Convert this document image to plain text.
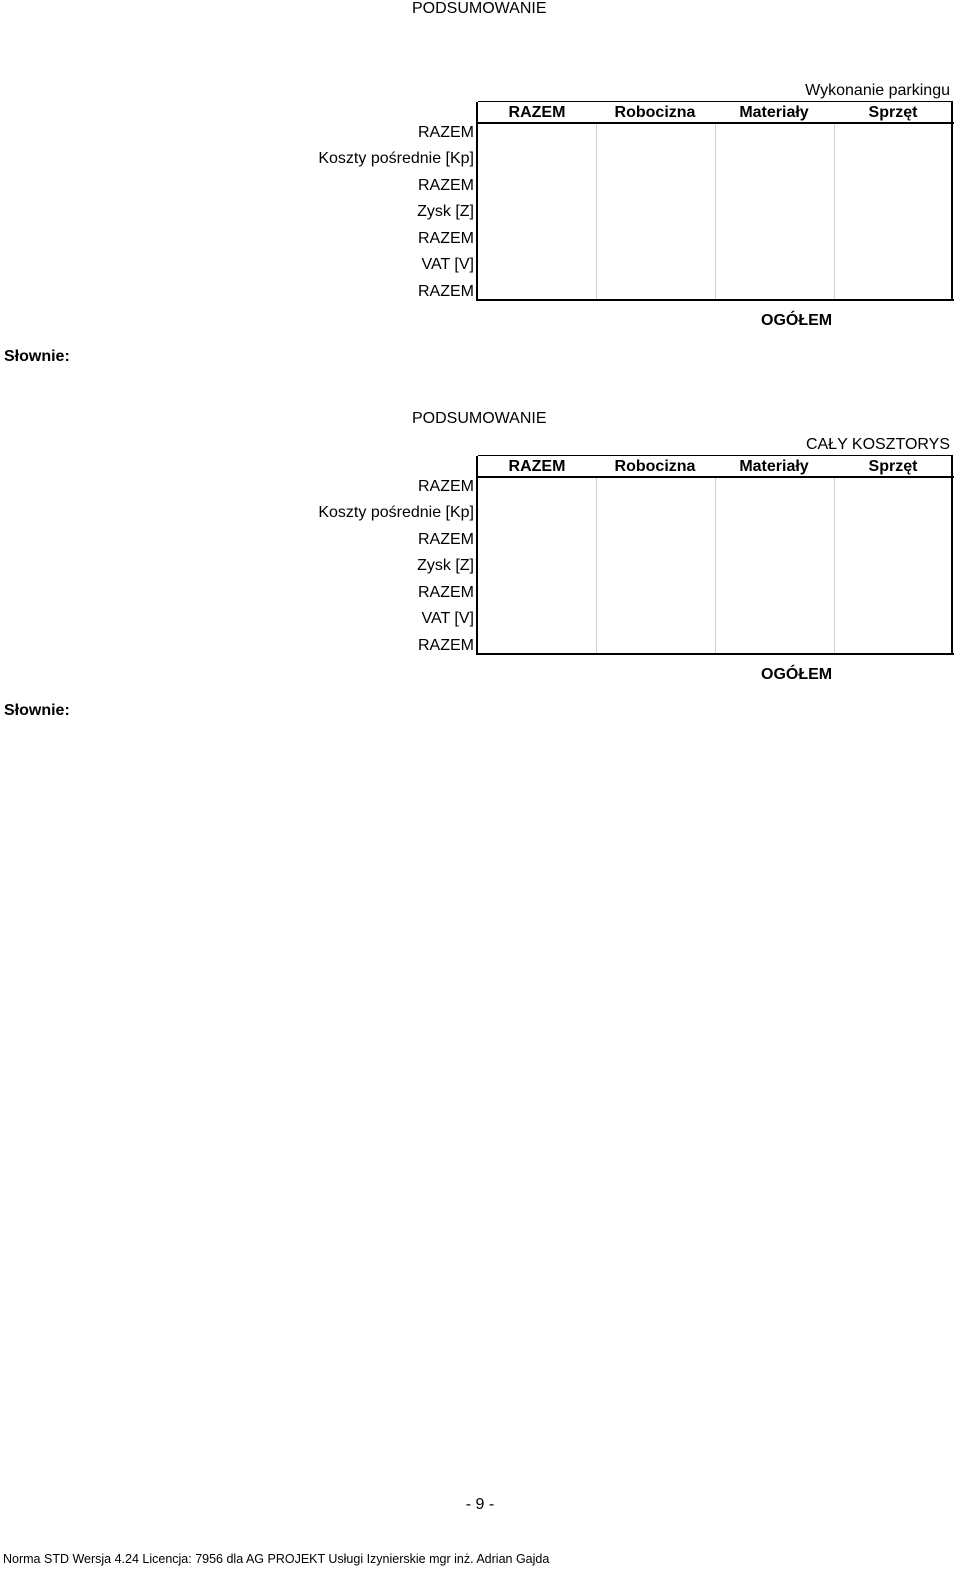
PODSUMOWANIE
Wykonanie parkingu
RAZEM	Robocizna	Materiały	Sprzęt
RAZEM
Koszty pośrednie [Kp]
RAZEM
Zysk [Z]
RAZEM
VAT [V]
RAZEM
OGÓŁEM
Słownie:
PODSUMOWANIE
CAŁY KOSZTORYS
RAZEM	Robocizna	Materiały	Sprzęt
RAZEM
Koszty pośrednie [Kp]
RAZEM
Zysk [Z]
RAZEM
VAT [V]
RAZEM
OGÓŁEM
Słownie:
- 9 -
Norma STD Wersja 4.24 Licencja: 7956 dla AG PROJEKT Usługi Izynierskie mgr inż. Adrian Gajda
